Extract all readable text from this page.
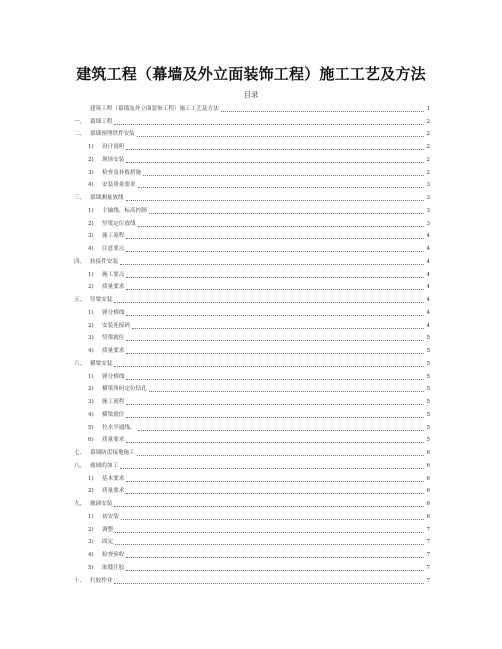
建筑工程（幕墙及外立面装饰工程）施工工艺及方法
目录
建筑工程（幕墙及外立面装饰工程）施工工艺及方法	1
一、 幕墙工程	2
二、 幕墙预埋铁件安装	2
1)	设计说明	2
2)	现场安装	2
3)	检查及补救措施	2
4)	安装质量要求	3
三、 幕墙测量放线	3
1)	主轴线、标高控制	3
2)	竖梁定位放线	3
3)	施工流程	4
4)	注意要点	4
四、 转接件安装	4
1)	施工要点	4
2)	质量要求	4
五、 竖梁安装	4
1)	弹分格线	4
2)	安装连接码	4
3)	竖梁就位	5
4)	质量要求	5
六、 横梁安装	5
1)	弹分格线	5
2)	横梁角码定位钻孔	5
3)	施工流程	5
4)	横梁就位	5
5)	拉水平通线。	5
6)	质量要求	5
七、 幕墙防雷接地施工	6
八、 玻璃的加工	6
1)	基本要求	6
2)	质量要求	6
九、 玻璃安装	6
1)	初安装	6
2)	调整	7
3)	固定	7
4)	检查验收	7
5)	嵌缝注胶	7
十、 打胶作业	7
